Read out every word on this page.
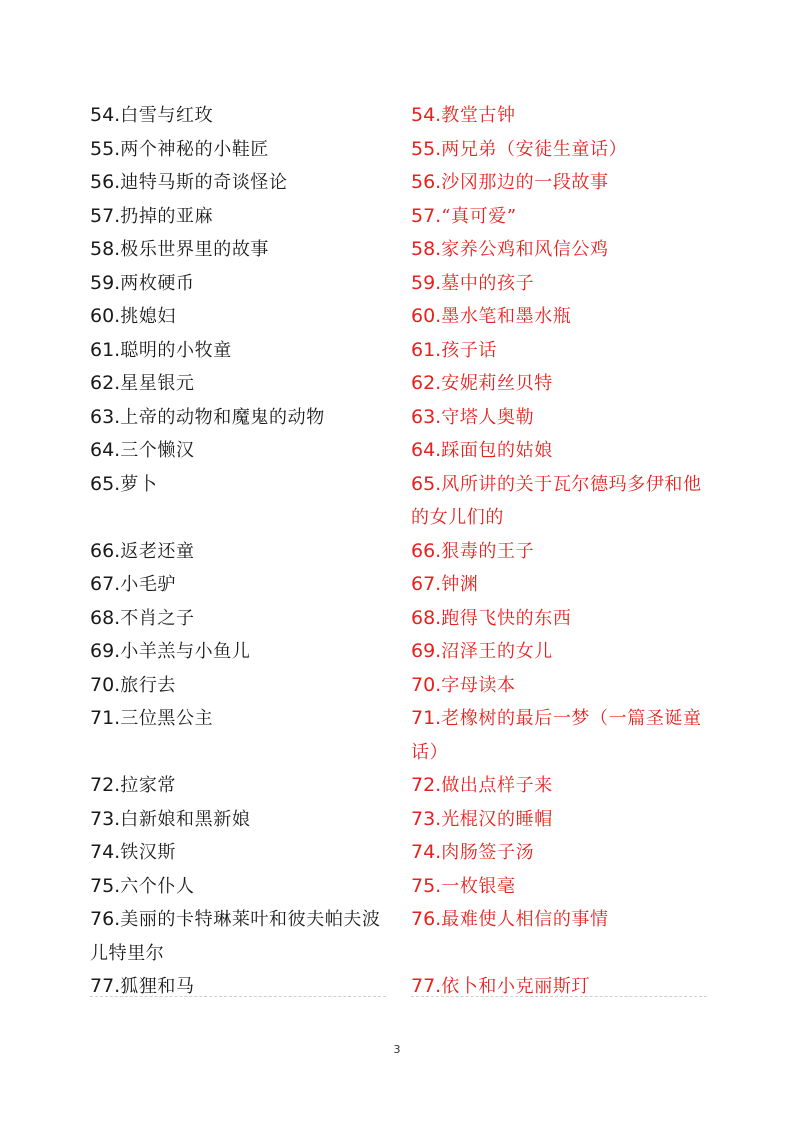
54.白雪与红玫
55.两个神秘的小鞋匠
56.迪特马斯的奇谈怪论
57.扔掉的亚麻
58.极乐世界里的故事
59.两枚硬币
60.挑媳妇
61.聪明的小牧童
62.星星银元
63.上帝的动物和魔鬼的动物
64.三个懒汉
65.萝卜
66.返老还童
67.小毛驴
68.不肖之子
69.小羊羔与小鱼儿
70.旅行去
71.三位黑公主
72.拉家常
73.白新娘和黑新娘
74.铁汉斯
75.六个仆人
76.美丽的卡特琳莱叶和彼夫帕夫波儿特里尔
77.狐狸和马
54.教堂古钟
55.两兄弟（安徒生童话）
56.沙冈那边的一段故事
57.“真可爱”
58.家养公鸡和风信公鸡
59.墓中的孩子
60.墨水笔和墨水瓶
61.孩子话
62.安妮莉丝贝特
63.守塔人奥勒
64.踩面包的姑娘
65.风所讲的关于瓦尔德玛多伊和他的女儿们的
66.狠毒的王子
67.钟渊
68.跑得飞快的东西
69.沼泽王的女儿
70.字母读本
71.老橡树的最后一梦（一篇圣诞童话）
72.做出点样子来
73.光棍汉的睡帽
74.肉肠签子汤
75.一枚银毫
76.最难使人相信的事情
77.依卜和小克丽斯玎
3
